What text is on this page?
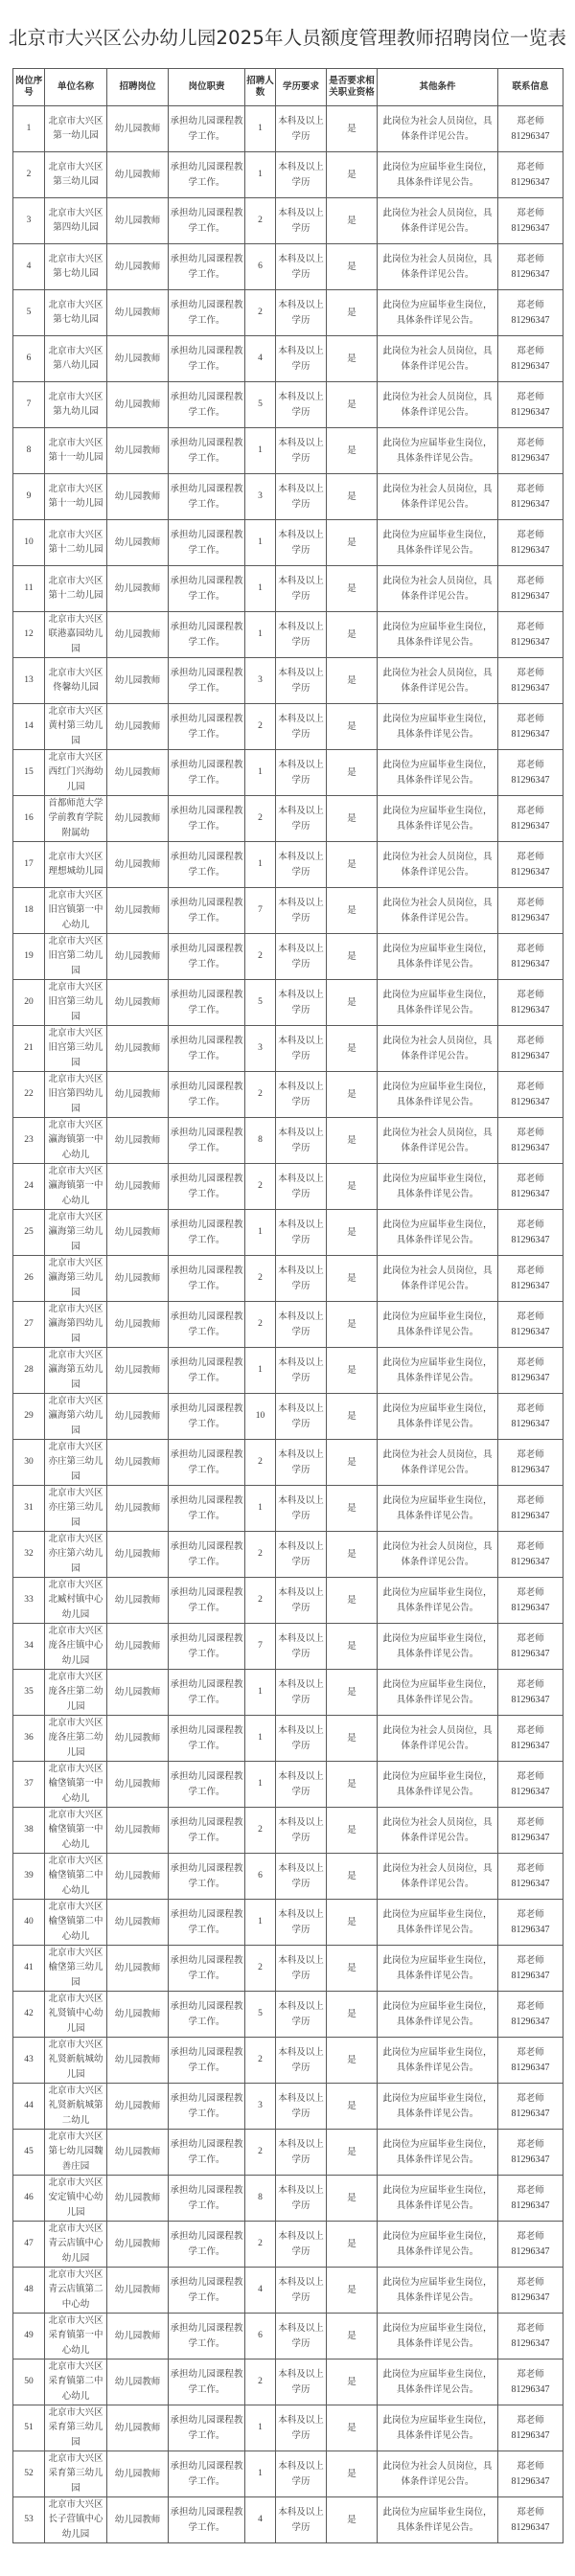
北京市大兴区公办幼儿园2025年人员额度管理教师招聘岗位一览表
岗位序号	单位名称	招聘岗位	岗位职责	招聘人数	学历要求	是否要求相关职业资格	其他条件	联系信息
1	北京市大兴区第一幼儿园	幼儿园教师	承担幼儿园课程教学工作。	1	本科及以上学历	是	此岗位为社会人员岗位，具体条件详见公告。	郑老师
81296347

2	北京市大兴区第三幼儿园	幼儿园教师	承担幼儿园课程教学工作。	1	本科及以上学历	是	此岗位为应届毕业生岗位，具体条件详见公告。	郑老师
81296347

3	北京市大兴区第四幼儿园	幼儿园教师	承担幼儿园课程教学工作。	2	本科及以上学历	是	此岗位为社会人员岗位，具体条件详见公告。	郑老师
81296347

4	北京市大兴区第七幼儿园	幼儿园教师	承担幼儿园课程教学工作。	6	本科及以上学历	是	此岗位为社会人员岗位，具体条件详见公告。	郑老师
81296347

5	北京市大兴区第七幼儿园	幼儿园教师	承担幼儿园课程教学工作。	2	本科及以上学历	是	此岗位为应届毕业生岗位，具体条件详见公告。	郑老师
81296347

6	北京市大兴区第八幼儿园	幼儿园教师	承担幼儿园课程教学工作。	4	本科及以上学历	是	此岗位为社会人员岗位，具体条件详见公告。	郑老师
81296347

7	北京市大兴区第九幼儿园	幼儿园教师	承担幼儿园课程教学工作。	5	本科及以上学历	是	此岗位为社会人员岗位，具体条件详见公告。	郑老师
81296347

8	北京市大兴区第十一幼儿园	幼儿园教师	承担幼儿园课程教学工作。	1	本科及以上学历	是	此岗位为应届毕业生岗位，具体条件详见公告。	郑老师
81296347

9	北京市大兴区第十一幼儿园	幼儿园教师	承担幼儿园课程教学工作。	3	本科及以上学历	是	此岗位为社会人员岗位，具体条件详见公告。	郑老师
81296347

10	北京市大兴区第十二幼儿园	幼儿园教师	承担幼儿园课程教学工作。	1	本科及以上学历	是	此岗位为应届毕业生岗位，具体条件详见公告。	郑老师
81296347

11	北京市大兴区第十二幼儿园	幼儿园教师	承担幼儿园课程教学工作。	1	本科及以上学历	是	此岗位为社会人员岗位，具体条件详见公告。	郑老师
81296347

12	北京市大兴区联港嘉园幼儿园	幼儿园教师	承担幼儿园课程教学工作。	1	本科及以上学历	是	此岗位为应届毕业生岗位，具体条件详见公告。	郑老师
81296347

13	北京市大兴区佟馨幼儿园	幼儿园教师	承担幼儿园课程教学工作。	3	本科及以上学历	是	此岗位为社会人员岗位，具体条件详见公告。	郑老师
81296347

14	北京市大兴区黄村第三幼儿园	幼儿园教师	承担幼儿园课程教学工作。	2	本科及以上学历	是	此岗位为应届毕业生岗位，具体条件详见公告。	郑老师
81296347

15	北京市大兴区西红门兴海幼儿园	幼儿园教师	承担幼儿园课程教学工作。	1	本科及以上学历	是	此岗位为应届毕业生岗位，具体条件详见公告。	郑老师
81296347

16	首都师范大学学前教育学院附属幼	幼儿园教师	承担幼儿园课程教学工作。	2	本科及以上学历	是	此岗位为应届毕业生岗位，具体条件详见公告。	郑老师
81296347

17	北京市大兴区理想城幼儿园	幼儿园教师	承担幼儿园课程教学工作。	1	本科及以上学历	是	此岗位为社会人员岗位，具体条件详见公告。	郑老师
81296347

18	北京市大兴区旧宫镇第一中心幼儿	幼儿园教师	承担幼儿园课程教学工作。	7	本科及以上学历	是	此岗位为社会人员岗位，具体条件详见公告。	郑老师
81296347

19	北京市大兴区旧宫第二幼儿园	幼儿园教师	承担幼儿园课程教学工作。	2	本科及以上学历	是	此岗位为应届毕业生岗位，具体条件详见公告。	郑老师
81296347

20	北京市大兴区旧宫第三幼儿园	幼儿园教师	承担幼儿园课程教学工作。	5	本科及以上学历	是	此岗位为应届毕业生岗位，具体条件详见公告。	郑老师
81296347

21	北京市大兴区旧宫第三幼儿园	幼儿园教师	承担幼儿园课程教学工作。	3	本科及以上学历	是	此岗位为社会人员岗位，具体条件详见公告。	郑老师
81296347

22	北京市大兴区旧宫第四幼儿园	幼儿园教师	承担幼儿园课程教学工作。	2	本科及以上学历	是	此岗位为应届毕业生岗位，具体条件详见公告。	郑老师
81296347

23	北京市大兴区瀛海镇第一中心幼儿	幼儿园教师	承担幼儿园课程教学工作。	8	本科及以上学历	是	此岗位为社会人员岗位，具体条件详见公告。	郑老师
81296347

24	北京市大兴区瀛海镇第一中心幼儿	幼儿园教师	承担幼儿园课程教学工作。	2	本科及以上学历	是	此岗位为应届毕业生岗位，具体条件详见公告。	郑老师
81296347

25	北京市大兴区瀛海第三幼儿园	幼儿园教师	承担幼儿园课程教学工作。	1	本科及以上学历	是	此岗位为应届毕业生岗位，具体条件详见公告。	郑老师
81296347

26	北京市大兴区瀛海第三幼儿园	幼儿园教师	承担幼儿园课程教学工作。	2	本科及以上学历	是	此岗位为社会人员岗位，具体条件详见公告。	郑老师
81296347

27	北京市大兴区瀛海第四幼儿园	幼儿园教师	承担幼儿园课程教学工作。	2	本科及以上学历	是	此岗位为应届毕业生岗位，具体条件详见公告。	郑老师
81296347

28	北京市大兴区瀛海第五幼儿园	幼儿园教师	承担幼儿园课程教学工作。	1	本科及以上学历	是	此岗位为应届毕业生岗位，具体条件详见公告。	郑老师
81296347

29	北京市大兴区瀛海第六幼儿园	幼儿园教师	承担幼儿园课程教学工作。	10	本科及以上学历	是	此岗位为应届毕业生岗位，具体条件详见公告。	郑老师
81296347

30	北京市大兴区亦庄第三幼儿园	幼儿园教师	承担幼儿园课程教学工作。	2	本科及以上学历	是	此岗位为社会人员岗位，具体条件详见公告。	郑老师
81296347

31	北京市大兴区亦庄第三幼儿园	幼儿园教师	承担幼儿园课程教学工作。	1	本科及以上学历	是	此岗位为应届毕业生岗位，具体条件详见公告。	郑老师
81296347

32	北京市大兴区亦庄第六幼儿园	幼儿园教师	承担幼儿园课程教学工作。	2	本科及以上学历	是	此岗位为社会人员岗位，具体条件详见公告。	郑老师
81296347

33	北京市大兴区北臧村镇中心幼儿园	幼儿园教师	承担幼儿园课程教学工作。	2	本科及以上学历	是	此岗位为应届毕业生岗位，具体条件详见公告。	郑老师
81296347

34	北京市大兴区庞各庄镇中心幼儿园	幼儿园教师	承担幼儿园课程教学工作。	7	本科及以上学历	是	此岗位为应届毕业生岗位，具体条件详见公告。	郑老师
81296347

35	北京市大兴区庞各庄第二幼儿园	幼儿园教师	承担幼儿园课程教学工作。	1	本科及以上学历	是	此岗位为应届毕业生岗位，具体条件详见公告。	郑老师
81296347

36	北京市大兴区庞各庄第二幼儿园	幼儿园教师	承担幼儿园课程教学工作。	1	本科及以上学历	是	此岗位为社会人员岗位，具体条件详见公告。	郑老师
81296347

37	北京市大兴区榆垡镇第一中心幼儿	幼儿园教师	承担幼儿园课程教学工作。	1	本科及以上学历	是	此岗位为应届毕业生岗位，具体条件详见公告。	郑老师
81296347

38	北京市大兴区榆垡镇第一中心幼儿	幼儿园教师	承担幼儿园课程教学工作。	2	本科及以上学历	是	此岗位为社会人员岗位，具体条件详见公告。	郑老师
81296347

39	北京市大兴区榆垡镇第二中心幼儿	幼儿园教师	承担幼儿园课程教学工作。	6	本科及以上学历	是	此岗位为社会人员岗位，具体条件详见公告。	郑老师
81296347

40	北京市大兴区榆垡镇第二中心幼儿	幼儿园教师	承担幼儿园课程教学工作。	1	本科及以上学历	是	此岗位为应届毕业生岗位，具体条件详见公告。	郑老师
81296347

41	北京市大兴区榆垡第三幼儿园	幼儿园教师	承担幼儿园课程教学工作。	2	本科及以上学历	是	此岗位为应届毕业生岗位，具体条件详见公告。	郑老师
81296347

42	北京市大兴区礼贤镇中心幼儿园	幼儿园教师	承担幼儿园课程教学工作。	5	本科及以上学历	是	此岗位为应届毕业生岗位，具体条件详见公告。	郑老师
81296347

43	北京市大兴区礼贤新航城幼儿园	幼儿园教师	承担幼儿园课程教学工作。	2	本科及以上学历	是	此岗位为应届毕业生岗位，具体条件详见公告。	郑老师
81296347

44	北京市大兴区礼贤新航城第二幼儿	幼儿园教师	承担幼儿园课程教学工作。	3	本科及以上学历	是	此岗位为应届毕业生岗位，具体条件详见公告。	郑老师
81296347

45	北京市大兴区第七幼儿园魏善庄园	幼儿园教师	承担幼儿园课程教学工作。	2	本科及以上学历	是	此岗位为应届毕业生岗位，具体条件详见公告。	郑老师
81296347

46	北京市大兴区安定镇中心幼儿园	幼儿园教师	承担幼儿园课程教学工作。	8	本科及以上学历	是	此岗位为应届毕业生岗位，具体条件详见公告。	郑老师
81296347

47	北京市大兴区青云店镇中心幼儿园	幼儿园教师	承担幼儿园课程教学工作。	2	本科及以上学历	是	此岗位为应届毕业生岗位，具体条件详见公告。	郑老师
81296347

48	北京市大兴区青云店镇第二中心幼	幼儿园教师	承担幼儿园课程教学工作。	4	本科及以上学历	是	此岗位为应届毕业生岗位，具体条件详见公告。	郑老师
81296347

49	北京市大兴区采育镇第一中心幼儿	幼儿园教师	承担幼儿园课程教学工作。	6	本科及以上学历	是	此岗位为应届毕业生岗位，具体条件详见公告。	郑老师
81296347

50	北京市大兴区采育镇第二中心幼儿	幼儿园教师	承担幼儿园课程教学工作。	2	本科及以上学历	是	此岗位为应届毕业生岗位，具体条件详见公告。	郑老师
81296347

51	北京市大兴区采育第三幼儿园	幼儿园教师	承担幼儿园课程教学工作。	1	本科及以上学历	是	此岗位为应届毕业生岗位，具体条件详见公告。	郑老师
81296347

52	北京市大兴区采育第三幼儿园	幼儿园教师	承担幼儿园课程教学工作。	1	本科及以上学历	是	此岗位为社会人员岗位，具体条件详见公告。	郑老师
81296347

53	北京市大兴区长子营镇中心幼儿园	幼儿园教师	承担幼儿园课程教学工作。	4	本科及以上学历	是	此岗位为应届毕业生岗位，具体条件详见公告。	郑老师
81296347
